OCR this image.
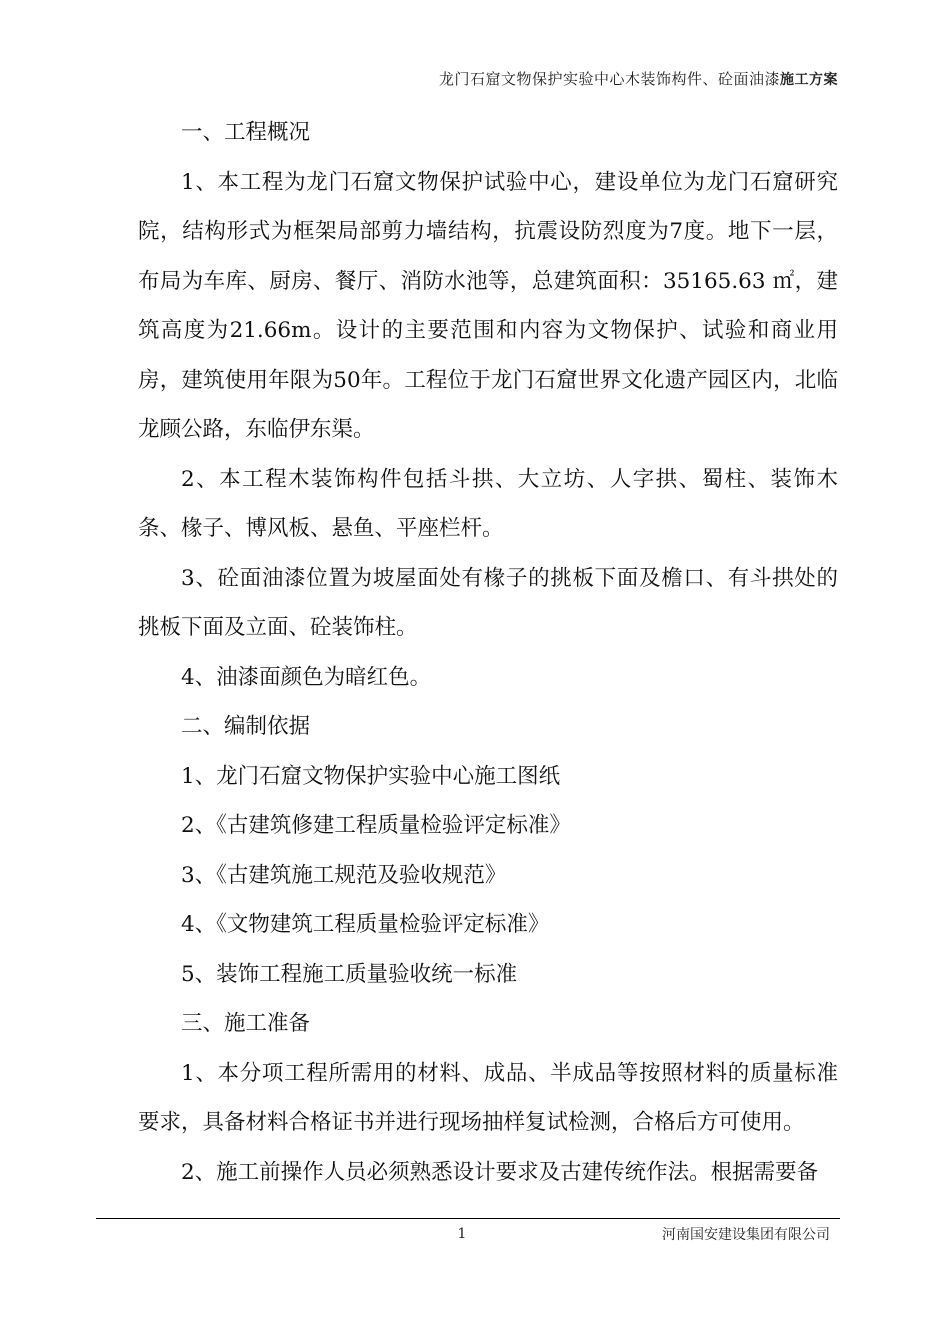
龙门石窟文物保护实验中心木装饰构件、砼面油漆施工方案

一、工程概况

1、本工程为龙门石窟文物保护试验中心，建设单位为龙门石窟研究院，结构形式为框架局部剪力墙结构，抗震设防烈度为7度。地下一层，布局为车库、厨房、餐厅、消防水池等，总建筑面积：35165.63 ㎡，建筑高度为21.66m。设计的主要范围和内容为文物保护、试验和商业用房，建筑使用年限为50年。工程位于龙门石窟世界文化遗产园区内，北临龙顾公路，东临伊东渠。

2、本工程木装饰构件包括斗拱、大立坊、人字拱、蜀柱、装饰木条、椽子、博风板、悬鱼、平座栏杆。

3、砼面油漆位置为坡屋面处有椽子的挑板下面及檐口、有斗拱处的挑板下面及立面、砼装饰柱。

4、油漆面颜色为暗红色。

二、编制依据

1、龙门石窟文物保护实验中心施工图纸

2、《古建筑修建工程质量检验评定标准》

3、《古建筑施工规范及验收规范》

4、《文物建筑工程质量检验评定标准》

5、装饰工程施工质量验收统一标准

三、施工准备

1、本分项工程所需用的材料、成品、半成品等按照材料的质量标准要求，具备材料合格证书并进行现场抽样复试检测，合格后方可使用。

2、施工前操作人员必须熟悉设计要求及古建传统作法。根据需要备

1	河南国安建设集团有限公司
